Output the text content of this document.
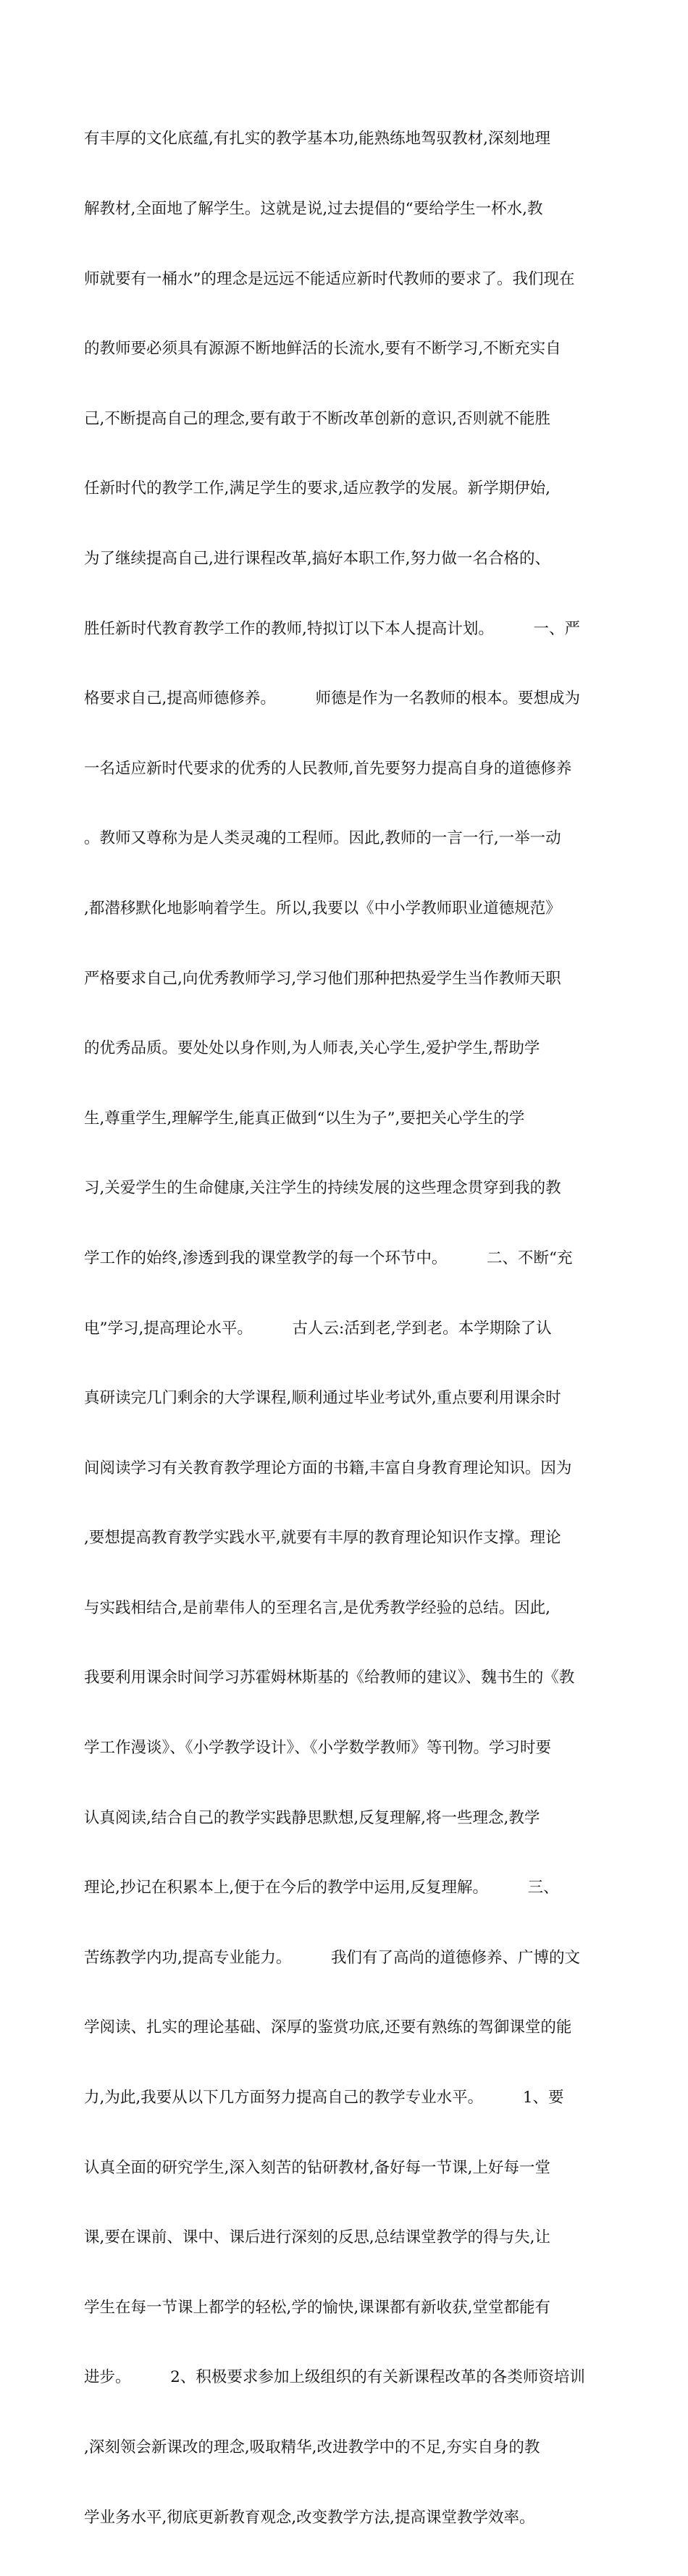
有丰厚的文化底蕴,有扎实的教学基本功,能熟练地驾驭教材,深刻地理

解教材,全面地了解学生。这就是说,过去提倡的“要给学生一杯水,教

师就要有一桶水”的理念是远远不能适应新时代教师的要求了。我们现在

的教师要必须具有源源不断地鲜活的长流水,要有不断学习,不断充实自

己,不断提高自己的理念,要有敢于不断改革创新的意识,否则就不能胜

任新时代的教学工作,满足学生的要求,适应教学的发展。新学期伊始,

为了继续提高自己,进行课程改革,搞好本职工作,努力做一名合格的、

胜任新时代教育教学工作的教师,特拟订以下本人提高计划。        一、严

格要求自己,提高师德修养。        师德是作为一名教师的根本。要想成为

一名适应新时代要求的优秀的人民教师,首先要努力提高自身的道德修养

。教师又尊称为是人类灵魂的工程师。因此,教师的一言一行,一举一动

,都潜移默化地影响着学生。所以,我要以《中小学教师职业道德规范》

严格要求自己,向优秀教师学习,学习他们那种把热爱学生当作教师天职

的优秀品质。要处处以身作则,为人师表,关心学生,爱护学生,帮助学

生,尊重学生,理解学生,能真正做到“以生为子”,要把关心学生的学

习,关爱学生的生命健康,关注学生的持续发展的这些理念贯穿到我的教

学工作的始终,渗透到我的课堂教学的每一个环节中。        二、不断“充

电”学习,提高理论水平。        古人云:活到老,学到老。本学期除了认

真研读完几门剩余的大学课程,顺利通过毕业考试外,重点要利用课余时

间阅读学习有关教育教学理论方面的书籍,丰富自身教育理论知识。因为

,要想提高教育教学实践水平,就要有丰厚的教育理论知识作支撑。理论

与实践相结合,是前辈伟人的至理名言,是优秀教学经验的总结。因此,

我要利用课余时间学习苏霍姆林斯基的《给教师的建议》、魏书生的《教

学工作漫谈》、《小学教学设计》、《小学数学教师》等刊物。学习时要

认真阅读,结合自己的教学实践静思默想,反复理解,将一些理念,教学

理论,抄记在积累本上,便于在今后的教学中运用,反复理解。        三、

苦练教学内功,提高专业能力。        我们有了高尚的道德修养、广博的文

学阅读、扎实的理论基础、深厚的鉴赏功底,还要有熟练的驾御课堂的能

力,为此,我要从以下几方面努力提高自己的教学专业水平。        1、要

认真全面的研究学生,深入刻苦的钻研教材,备好每一节课,上好每一堂

课,要在课前、课中、课后进行深刻的反思,总结课堂教学的得与失,让

学生在每一节课上都学的轻松,学的愉快,课课都有新收获,堂堂都能有

进步。        2、积极要求参加上级组织的有关新课程改革的各类师资培训

,深刻领会新课改的理念,吸取精华,改进教学中的不足,夯实自身的教

学业务水平,彻底更新教育观念,改变教学方法,提高课堂教学效率。
